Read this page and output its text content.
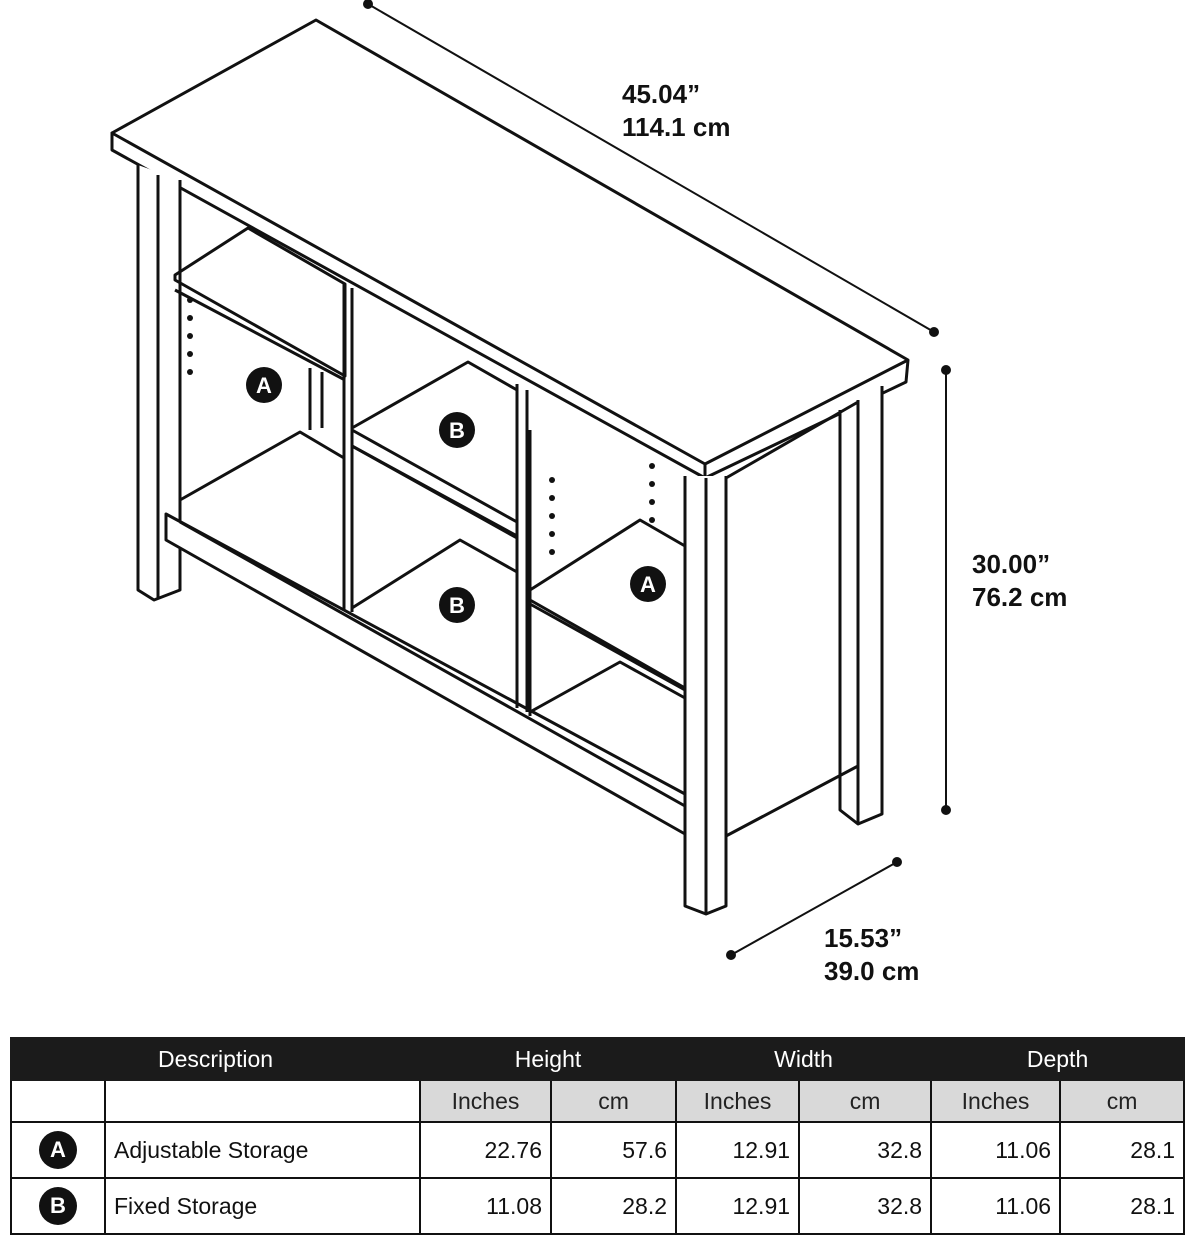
A
B
B
A
45.04”
114.1 cm
30.00”
76.2 cm
15.53”
39.0 cm
Description		Height		Width		Depth	
		Inches	cm	Inches	cm	Inches	cm
A	Adjustable Storage	22.76	57.6	12.91	32.8	11.06	28.1
B	Fixed Storage	11.08	28.2	12.91	32.8	11.06	28.1
